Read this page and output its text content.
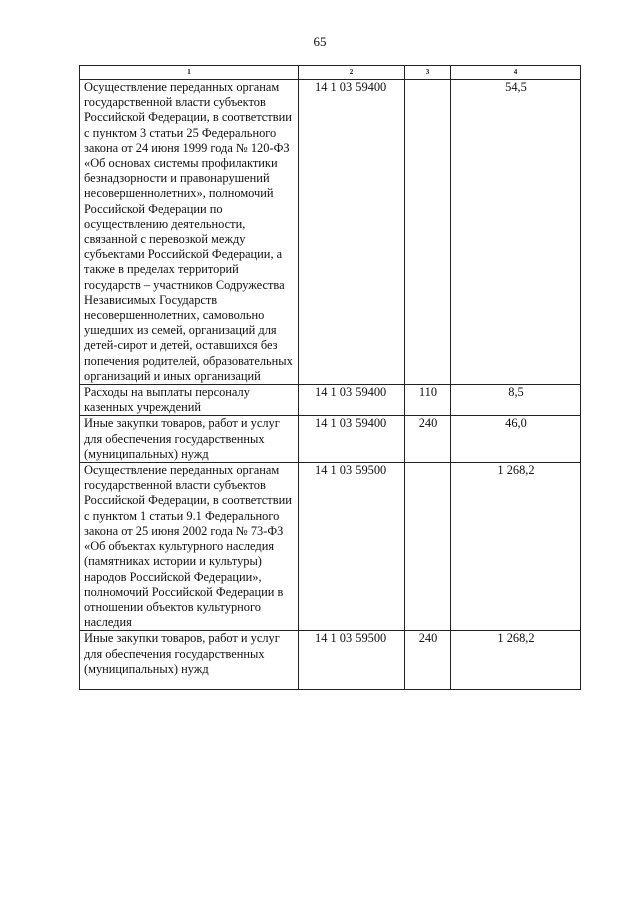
65
1	2	3	4
Осуществление переданных органам государственной власти субъектов Российской Федерации, в соответствии с пунктом 3 статьи 25 Федерального закона от 24 июня 1999 года № 120-ФЗ «Об основах системы профилактики безнадзорности и правонарушений несовершеннолетних», полномочий Российской Федерации по осуществлению деятельности, связанной с перевозкой между субъектами Российской Федерации, а также в пределах территорий государств – участников Содружества Независимых Государств несовершеннолетних, самовольно ушедших из семей, организаций для детей-сирот и детей, оставшихся без попечения родителей, образовательных организаций и иных организаций	14 1 03 59400		54,5
Расходы на выплаты персоналу казенных учреждений	14 1 03 59400	110	8,5
Иные закупки товаров, работ и услуг для обеспечения государственных (муниципальных) нужд	14 1 03 59400	240	46,0
Осуществление переданных органам государственной власти субъектов Российской Федерации, в соответствии с пунктом 1 статьи 9.1 Федерального закона от 25 июня 2002 года № 73-ФЗ «Об объектах культурного наследия (памятниках истории и культуры) народов Российской Федерации», полномочий Российской Федерации в отношении объектов культурного наследия	14 1 03 59500		1 268,2
Иные закупки товаров, работ и услуг для обеспечения государственных (муниципальных) нужд	14 1 03 59500	240	1 268,2
